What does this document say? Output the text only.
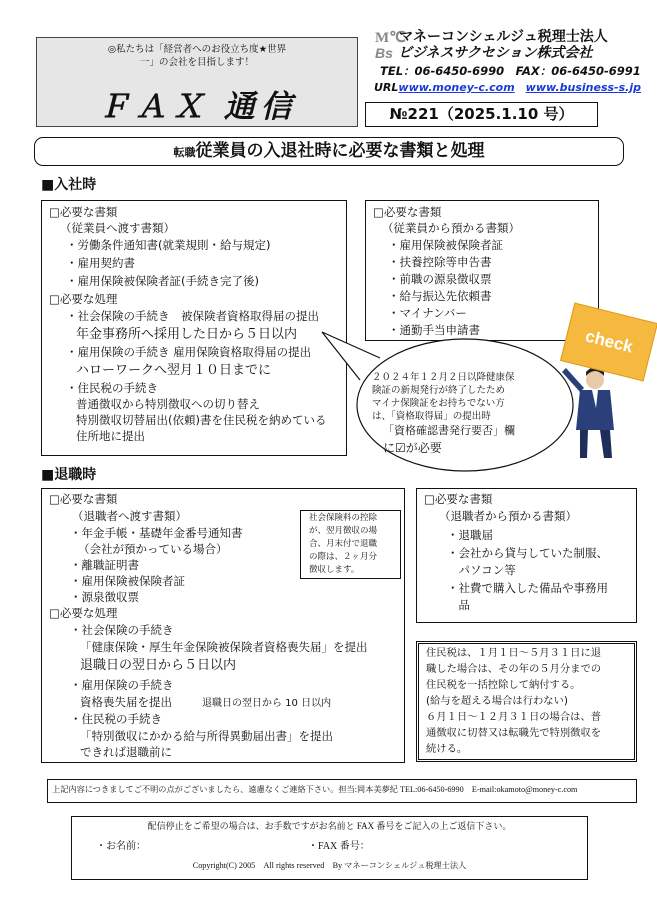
◎私たちは「経営者へのお役立ち度★世界一」の会社を目指します！
ＦＡＸ 通信
M℃
Bs
マネーコンシェルジュ税理士法人
ビジネスサクセション株式会社
TEL：06-6450-6990　FAX：06-6450-6991
URLwww.money-c.com　 www.business-s.jp
№221（2025.1.10 号）
転職従業員の入退社時に必要な書類と処理
■入社時
□必要な書類
（従業員へ渡す書類）
・労働条件通知書(就業規則・給与規定)
・雇用契約書
・雇用保険被保険者証(手続き完了後)
□必要な処理
・社会保険の手続き　被保険者資格取得届の提出
年金事務所へ採用した日から５日以内
・雇用保険の手続き 雇用保険資格取得届の提出
ハローワークへ翌月１０日までに
・住民税の手続き
普通徴収から特別徴収への切り替え
特別徴収切替届出(依頼)書を住民税を納めている
住所地に提出
□必要な書類
（従業員から預かる書類）
・雇用保険被保険者証
・扶養控除等申告書
・前職の源泉徴収票
・給与振込先依頼書
・マイナンバー
・通勤手当申請書
２０２４年１２月２日以降健康保
険証の新規発行が終了したため
マイナ保険証をお持ちでない方
は、「資格取得届」の提出時
「資格確認書発行要否」欄
に☑が必要
check
■退職時
□必要な書類
（退職者へ渡す書類）
・年金手帳・基礎年金番号通知書
（会社が預かっている場合）
・離職証明書
・雇用保険被保険者証
・源泉徴収票
□必要な処理
・社会保険の手続き
「健康保険・厚生年金保険被保険者資格喪失届」を提出
退職日の翌日から５日以内
・雇用保険の手続き
資格喪失届を提出	退職日の翌日から 10 日以内
・住民税の手続き
「特別徴収にかかる給与所得異動届出書」を提出
できれば退職前に
社会保険料の控除
が、翌月徴収の場
合、月末付で退職
の際は、２ヶ月分
徴収します。
□必要な書類
（退職者から預かる書類）
・退職届
・会社から貸与していた制服、
　パソコン等
・社費で購入した備品や事務用
　品
住民税は、１月１日～５月３１日に退
職した場合は、その年の５月分までの
住民税を一括控除して納付する。
(給与を超える場合は行わない)
６月１日～１２月３１日の場合は、普
通徴収に切替又は転職先で特別徴収を
続ける。
上記内容につきましてご不明の点がございましたら、遠慮なくご連絡下さい。担当:岡本美夢紀 TEL:06-6450-6990　E-mail:okamoto@money-c.com
配信停止をご希望の場合は、お手数ですがお名前と FAX 番号をご記入の上ご返信下さい。
・お名前：	・FAX 番号：
Copyright(C) 2005　All rights reserved　By マネーコンシェルジュ税理士法人
